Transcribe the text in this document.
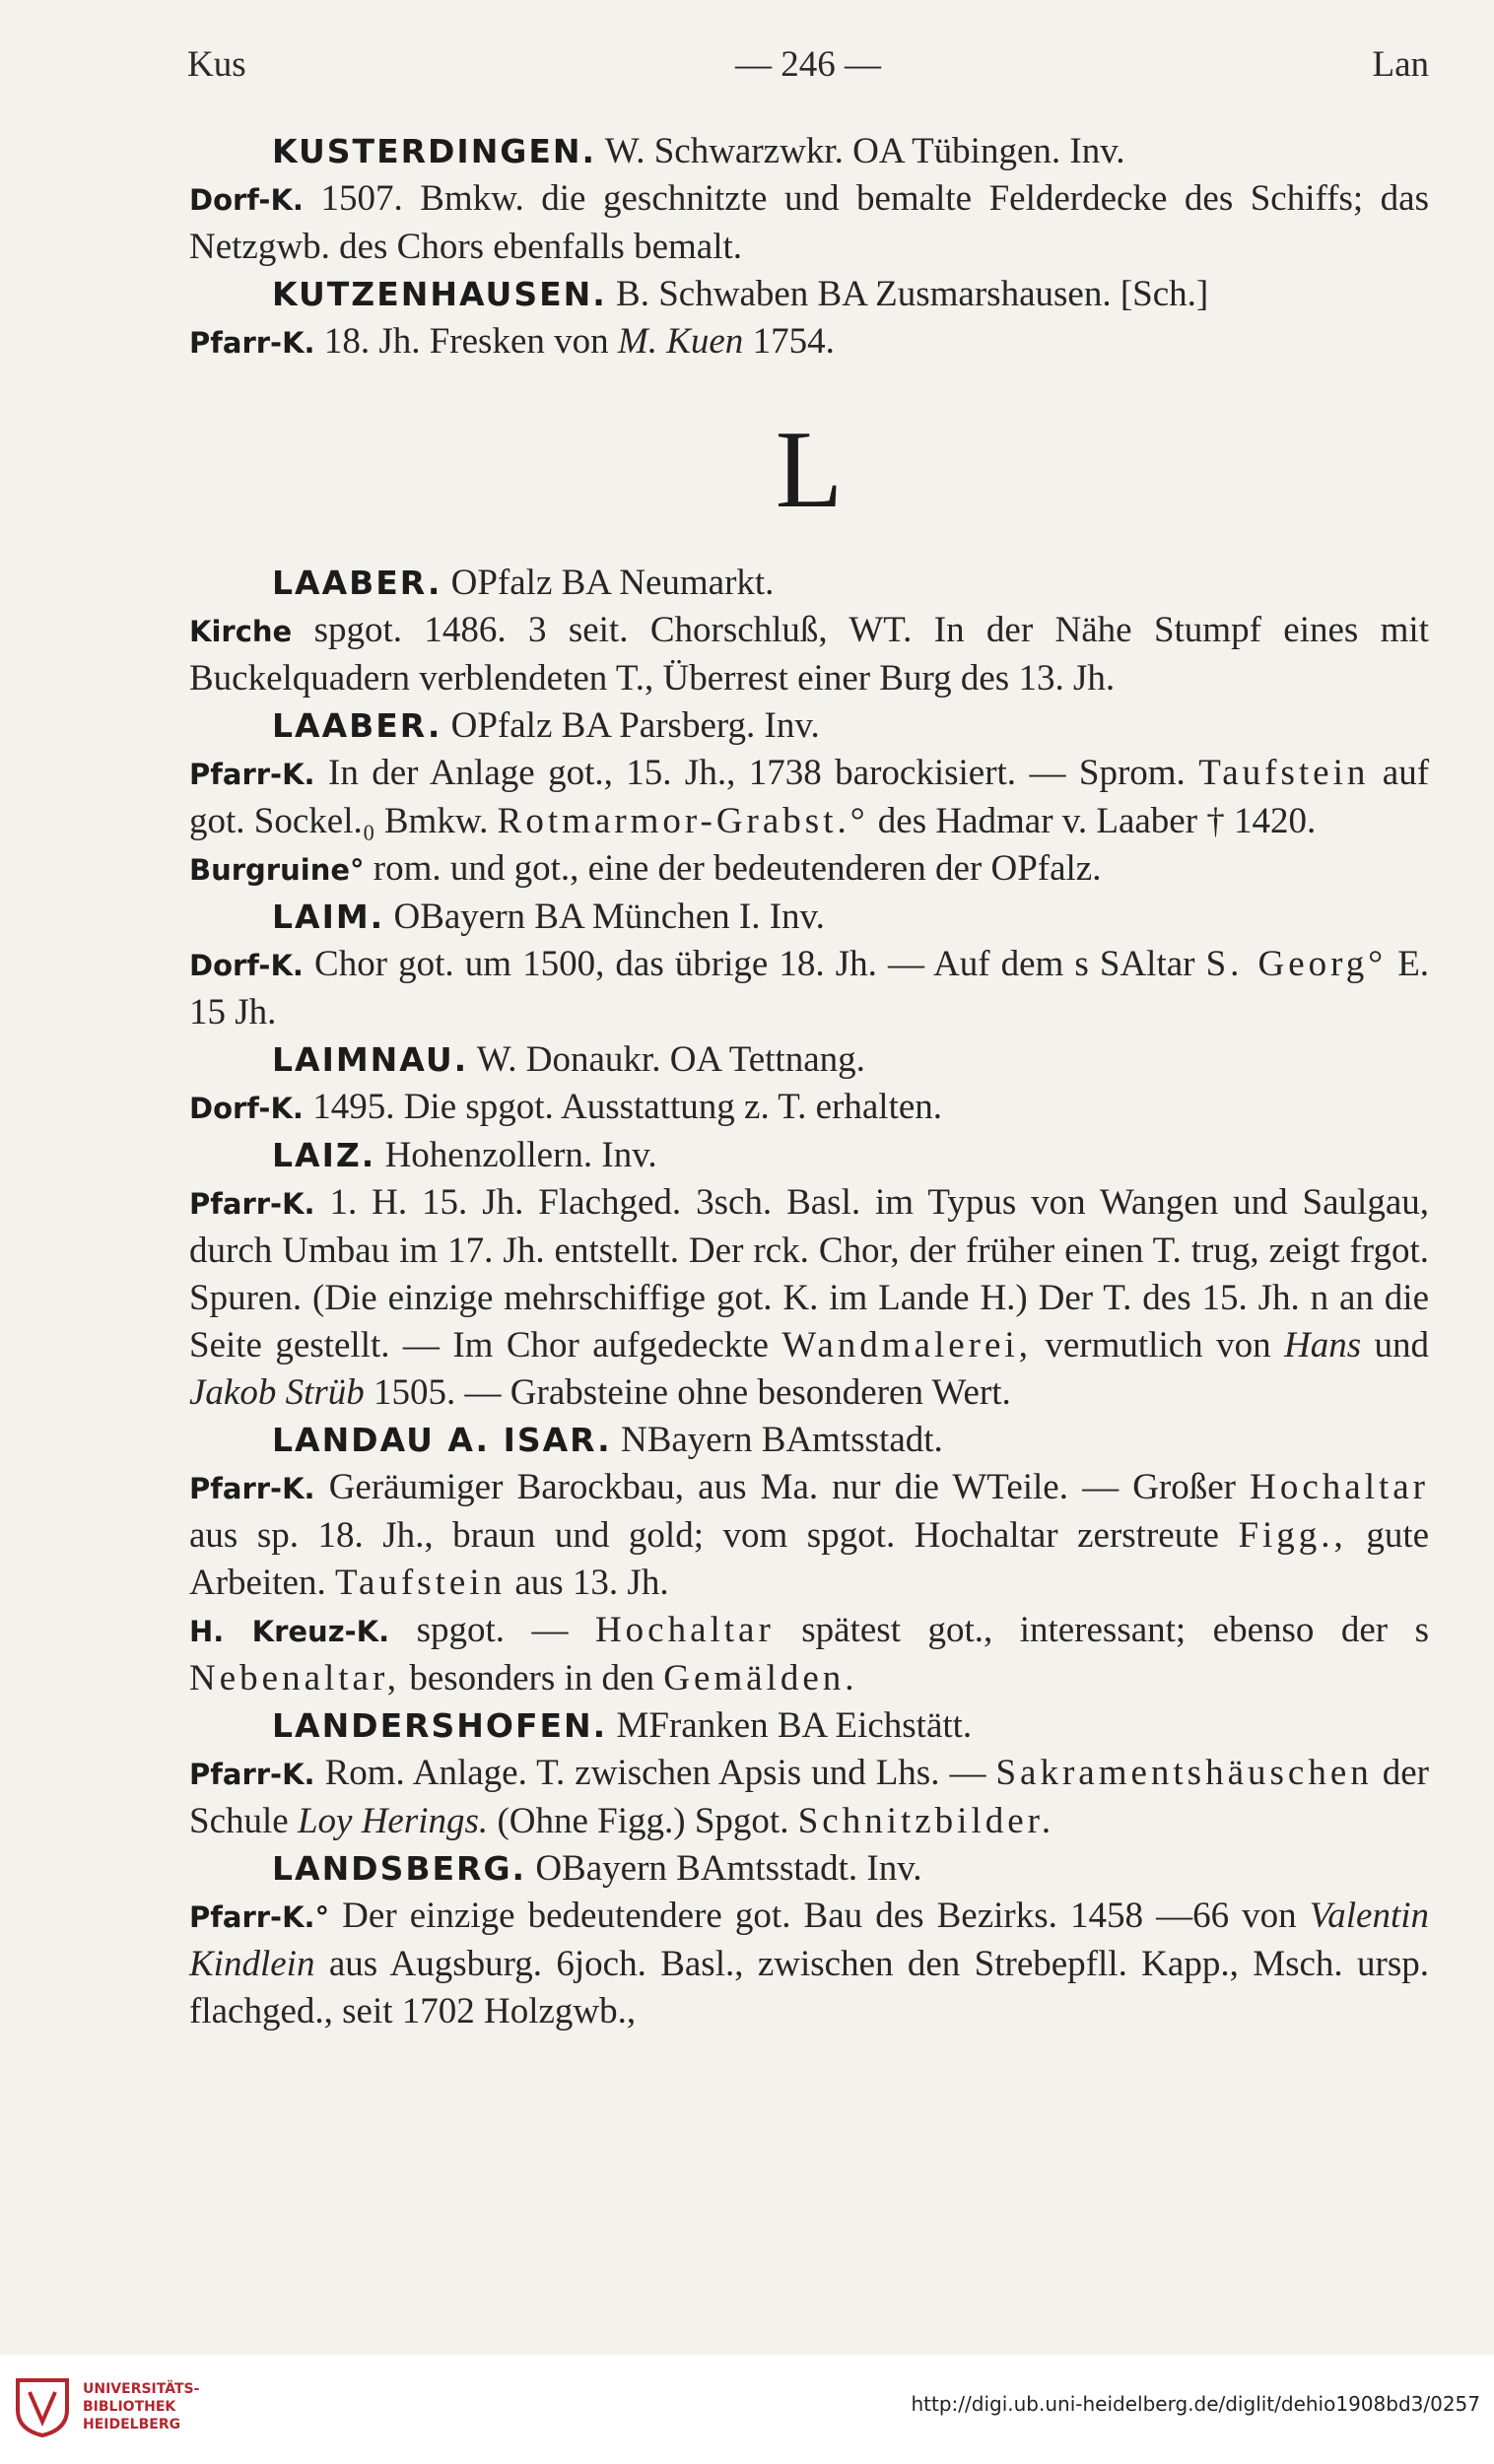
Kus	— 246 —	Lan

KUSTERDINGEN. W. Schwarzwkr. OA Tübingen. Inv.

Dorf-K. 1507. Bmkw. die geschnitzte und bemalte Felderdecke des Schiffs; das Netzgwb. des Chors ebenfalls bemalt.

KUTZENHAUSEN. B. Schwaben BA Zusmarshausen. [Sch.]

Pfarr-K. 18. Jh. Fresken von M. Kuen 1754.

L

LAABER. OPfalz BA Neumarkt.

Kirche spgot. 1486. 3 seit. Chorschluß, WT. In der Nähe Stumpf eines mit Buckelquadern verblendeten T., Überrest einer Burg des 13. Jh.

LAABER. OPfalz BA Parsberg. Inv.

Pfarr-K. In der Anlage got., 15. Jh., 1738 barockisiert. — Sprom. Taufstein auf got. Sockel.₀ Bmkw. Rotmarmor-Grabst.° des Hadmar v. Laaber † 1420.

Burgruine° rom. und got., eine der bedeutenderen der OPfalz.

LAIM. OBayern BA München I. Inv.

Dorf-K. Chor got. um 1500, das übrige 18. Jh. — Auf dem s SAltar S. Georg° E. 15 Jh.

LAIMNAU. W. Donaukr. OA Tettnang.

Dorf-K. 1495. Die spgot. Ausstattung z. T. erhalten.

LAIZ. Hohenzollern. Inv.

Pfarr-K. 1. H. 15. Jh. Flachged. 3sch. Basl. im Typus von Wangen und Saulgau, durch Umbau im 17. Jh. entstellt. Der rck. Chor, der früher einen T. trug, zeigt frgot. Spuren. (Die einzige mehrschiffige got. K. im Lande H.) Der T. des 15. Jh. n an die Seite gestellt. — Im Chor aufgedeckte Wandmalerei, vermutlich von Hans und Jakob Strüb 1505. — Grabsteine ohne besonderen Wert.

LANDAU A. ISAR. NBayern BAmtsstadt.

Pfarr-K. Geräumiger Barockbau, aus Ma. nur die WTeile. — Großer Hochaltar aus sp. 18. Jh., braun und gold; vom spgot. Hochaltar zerstreute Figg., gute Arbeiten. Taufstein aus 13. Jh.

H. Kreuz-K. spgot. — Hochaltar spätest got., interessant; ebenso der s Nebenaltar, besonders in den Gemälden.

LANDERSHOFEN. MFranken BA Eichstätt.

Pfarr-K. Rom. Anlage. T. zwischen Apsis und Lhs. — Sakramentshäuschen der Schule Loy Herings. (Ohne Figg.) Spgot. Schnitzbilder.

LANDSBERG. OBayern BAmtsstadt. Inv.

Pfarr-K.° Der einzige bedeutendere got. Bau des Bezirks. 1458 —66 von Valentin Kindlein aus Augsburg. 6joch. Basl., zwischen den Strebepfll. Kapp., Msch. ursp. flachged., seit 1702 Holzgwb.,

UNIVERSITÄTS-
BIBLIOTHEK
HEIDELBERG
http://digi.ub.uni-heidelberg.de/diglit/dehio1908bd3/0257
